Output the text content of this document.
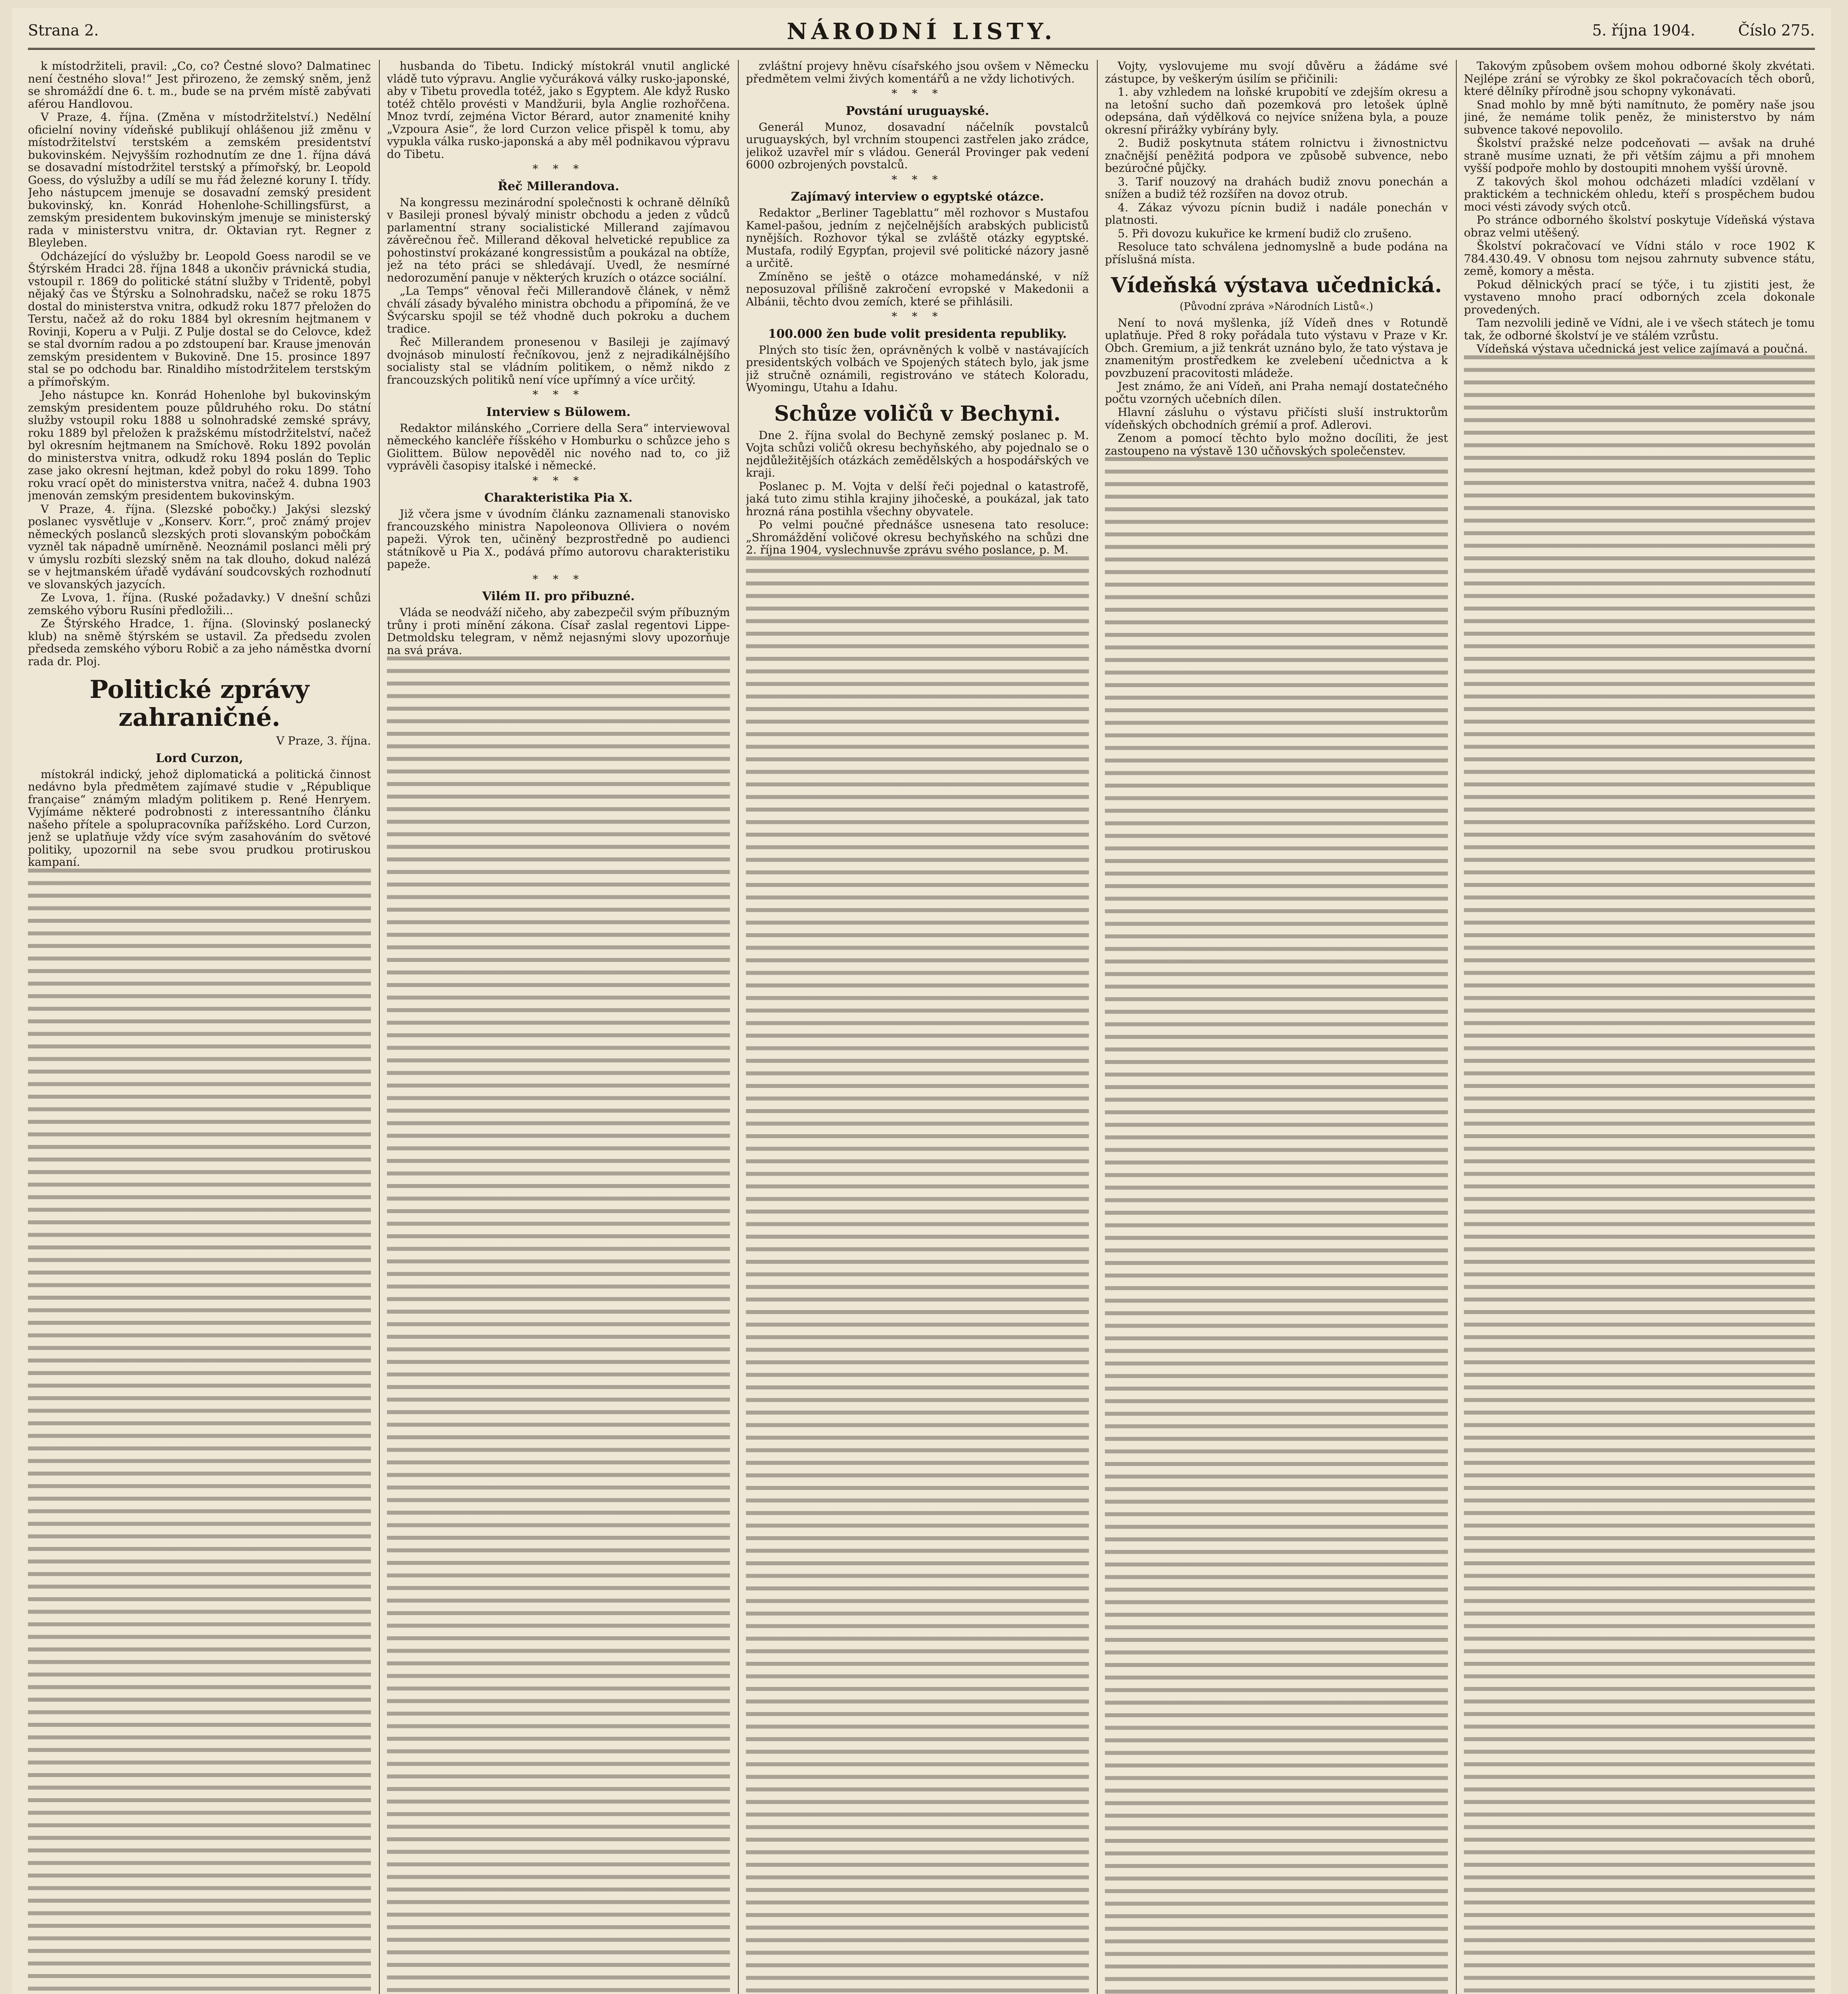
Strana 2.	NÁRODNÍ LISTY.	5. října 1904.	Číslo 275.

k místodržiteli, pravil: „Co, co? Čestné slovo? Dalmatinec není čestného slova!“ Jest přirozeno, že zemský sněm, jenž se shromáždí dne 6. t. m., bude se na prvém místě zabývati aférou Handlovou.

V Praze, 4. října. (Změna v místodržitelství.) Nedělní oficielní noviny vídeňské publikují ohlášenou již změnu v místodržitelství terstském a zemském presidentství bukovinském. Nejvyšším rozhodnutím ze dne 1. října dává se dosavadní místodržitel terstský a přímořský, br. Leopold Goess, do výslužby a udílí se mu řád železné koruny I. třídy. Jeho nástupcem jmenuje se dosavadní zemský president bukovinský, kn. Konrád Hohenlohe-Schillingsfürst, a zemským presidentem bukovinským jmenuje se ministerský rada v ministerstvu vnitra, dr. Oktavian ryt. Regner z Bleyleben.

Odcházející do výslužby br. Leopold Goess narodil se ve Štýrském Hradci 28. října 1848 a ukončiv právnická studia, vstoupil r. 1869 do politické státní služby v Tridentě, pobyl nějaký čas ve Štýrsku a Solnohradsku, načež se roku 1875 dostal do ministerstva vnitra, odkudž roku 1877 přeložen do Terstu, načež až do roku 1884 byl okresním hejtmanem v Rovinji, Koperu a v Pulji. Z Pulje dostal se do Celovce, kdež se stal dvorním radou a po zdstoupení bar. Krause jmenován zemským presidentem v Bukovině. Dne 15. prosince 1897 stal se po odchodu bar. Rinaldiho místodržitelem terstským a přímořským.

Jeho nástupce kn. Konrád Hohenlohe byl bukovinským zemským presidentem pouze půldruhého roku. Do státní služby vstoupil roku 1888 u solnohradské zemské správy, roku 1889 byl přeložen k pražskému místodržitelství, načež byl okresním hejtmanem na Smíchově. Roku 1892 povolán do ministerstva vnitra, odkudž roku 1894 poslán do Teplic zase jako okresní hejtman, kdež pobyl do roku 1899. Toho roku vrací opět do ministerstva vnitra, načež 4. dubna 1903 jmenován zemským presidentem bukovinským.

V Praze, 4. října. (Slezské pobočky.) Jakýsi slezský poslanec vysvětluje v „Konserv. Korr.“, proč známý projev německých poslanců slezských proti slovanským pobočkám vyzněl tak nápadně umírněně. Neoznámil poslanci měli prý v úmyslu rozbíti slezský sněm na tak dlouho, dokud nalézá se v hejtmanském úřadě vydávání soudcovských rozhodnutí ve slovanských jazycích.

Ze Lvova, 1. října. (Ruské požadavky.) V dnešní schůzi zemského výboru Rusíni předložili...

Ze Štýrského Hradce, 1. října. (Slovinský poslanecký klub) na sněmě štýrském se ustavil. Za předsedu zvolen předseda zemského výboru Robič a za jeho náměstka dvorní rada dr. Ploj.

Politické zprávy zahraničné.
V Praze, 3. října.
Lord Curzon,

místokrál indický, jehož diplomatická a politická činnost nedávno byla předmětem zajímavé studie v „République française“ známým mladým politikem p. René Henryem. Vyjímáme některé podrobnosti z interessantního článku našeho přítele a spolupracovníka pařížského. Lord Curzon, jenž se uplatňuje vždy více svým zasahováním do světové politiky, upozornil na sebe svou prudkou protiruskou kampaní.

husbanda do Tibetu. Indický místokrál vnutil anglické vládě tuto výpravu. Anglie vyčuráková války rusko-japonské, aby v Tibetu provedla totéž, jako s Egyptem. Ale když Rusko totéž chtělo provésti v Mandžurii, byla Anglie rozhořčena. Mnoz tvrdí, zejména Victor Bérard, autor znamenité knihy „Vzpoura Asie“, že lord Curzon velice přispěl k tomu, aby vypukla válka rusko-japonská a aby měl podnikavou výpravu do Tibetu.

* * *
Řeč Millerandova.

Na kongressu mezinárodní společnosti k ochraně dělníků v Basileji pronesl bývalý ministr obchodu a jeden z vůdců parlamentní strany socialistické Millerand zajímavou závěrečnou řeč. Millerand děkoval helvetické republice za pohostinství prokázané kongressistům a poukázal na obtíže, jež na této práci se shledávají. Uvedl, že nesmírné nedorozumění panuje v některých kruzích o otázce sociální.

„La Temps“ věnoval řeči Millerandově článek, v němž chválí zásady bývalého ministra obchodu a připomíná, že ve Švýcarsku spojil se též vhodně duch pokroku a duchem tradice.

Řeč Millerandem pronesenou v Basileji je zajímavý dvojnásob minulostí řečníkovou, jenž z nejradikálnějšího socialisty stal se vládním politikem, o němž nikdo z francouzských politiků není více upřímný a více určitý.

* * *
Interview s Bülowem.

Redaktor milánského „Corriere della Sera“ interviewoval německého kancléře říšského v Homburku o schůzce jeho s Giolittem. Bülow nepověděl nic nového nad to, co již vyprávěli časopisy italské i německé.

* * *
Charakteristika Pia X.

Již včera jsme v úvodním článku zaznamenali stanovisko francouzského ministra Napoleonova Olliviera o novém papeži. Výrok ten, učiněný bezprostředně po audienci státníkově u Pia X., podává přímo autorovu charakteristiku papeže.

* * *
Vilém II. pro přibuzné.

Vláda se neodváží ničeho, aby zabezpečil svým příbuzným trůny i proti mínění zákona. Císař zaslal regentovi Lippe-Detmoldsku telegram, v němž nejasnými slovy upozorňuje na svá práva.

zvláštní projevy hněvu císařského jsou ovšem v Německu předmětem velmi živých komentářů a ne vždy lichotivých.

* * *
Povstání uruguayské.

Generál Munoz, dosavadní náčelník povstalců uruguayských, byl vrchním stoupenci zastřelen jako zrádce, jelikož uzavřel mír s vládou. Generál Provinger pak vedení 6000 ozbrojených povstalců.

* * *
Zajímavý interview o egyptské otázce.

Redaktor „Berliner Tageblattu“ měl rozhovor s Mustafou Kamel-pašou, jedním z nejčelnějších arabských publicistů nynějších. Rozhovor týkal se zvláště otázky egyptské. Mustafa, rodilý Egypťan, projevil své politické názory jasně a určitě.

Zmíněno se ještě o otázce mohamedánské, v níž neposuzoval přílišně zakročení evropské v Makedonii a Albánii, těchto dvou zemích, které se přihlásili.

* * *
100.000 žen bude volit presidenta republiky.

Plných sto tisíc žen, oprávněných k volbě v nastávajících presidentských volbách ve Spojených státech bylo, jak jsme již stručně oznámili, registrováno ve státech Koloradu, Wyomingu, Utahu a Idahu.

Schůze voličů v Bechyni.

Dne 2. října svolal do Bechyně zemský poslanec p. M. Vojta schůzi voličů okresu bechyňského, aby pojednalo se o nejdůležitějších otázkách zemědělských a hospodářských ve kraji.

Poslanec p. M. Vojta v delší řeči pojednal o katastrofě, jaká tuto zimu stihla krajiny jihočeské, a poukázal, jak tato hrozná rána postihla všechny obyvatele.

Po velmi poučné přednášce usnesena tato resoluce: „Shromáždění voličové okresu bechyňského na schůzi dne 2. října 1904, vyslechnuvše zprávu svého poslance, p. M.

Vojty, vyslovujeme mu svojí důvěru a žádáme své zástupce, by veškerým úsilím se přičinili:

1. aby vzhledem na loňské krupobití ve zdejším okresu a na letošní sucho daň pozemková pro letošek úplně odepsána, daň výdělková co nejvíce snížena byla, a pouze okresní přirážky vybírány byly.

2. Budiž poskytnuta státem rolnictvu i živnostnictvu značnější peněžitá podpora ve způsobě subvence, nebo bezúročné půjčky.

3. Tarif nouzový na drahách budiž znovu ponechán a snížen a budiž též rozšířen na dovoz otrub.

4. Zákaz vývozu pícnin budiž i nadále ponechán v platnosti.

5. Při dovozu kukuřice ke krmení budiž clo zrušeno.

Resoluce tato schválena jednomyslně a bude podána na příslušná místa.

Vídeňská výstava učednická.
(Původní zpráva »Národních Listů«.)

Není to nová myšlenka, jíž Vídeň dnes v Rotundě uplatňuje. Před 8 roky pořádala tuto výstavu v Praze v Kr. Obch. Gremium, a již tenkrát uznáno bylo, že tato výstava je znamenitým prostředkem ke zvelebení učednictva a k povzbuzení pracovitosti mládeže.

Jest známo, že ani Vídeň, ani Praha nemají dostatečného počtu vzorných učebních dílen.

Hlavní zásluhu o výstavu přičísti sluší instruktorům vídeňských obchodních grémií a prof. Adlerovi.

Zenom a pomocí těchto bylo možno docíliti, že jest zastoupeno na výstavě 130 učňovských společenstev.

Takovým způsobem ovšem mohou odborné školy zkvétati. Nejlépe zrání se výrobky ze škol pokračovacích těch oborů, které dělníky přírodně jsou schopny vykonávati.

Snad mohlo by mně býti namítnuto, že poměry naše jsou jiné, že nemáme tolik peněz, že ministerstvo by nám subvence takové nepovolilo.

Školství pražské nelze podceňovati — avšak na druhé straně musíme uznati, že při větším zájmu a při mnohem vyšší podpoře mohlo by dostoupiti mnohem vyšší úrovně.

Z takových škol mohou odcházeti mladíci vzdělaní v praktickém a technickém ohledu, kteří s prospěchem budou moci vésti závody svých otců.

Po stránce odborného školství poskytuje Vídeňská výstava obraz velmi utěšený.

Školství pokračovací ve Vídni stálo v roce 1902 K 784.430.49. V obnosu tom nejsou zahrnuty subvence státu, země, komory a města.

Pokud dělnických prací se týče, i tu zjistiti jest, že vystaveno mnoho prací odborných zcela dokonale provedených.

Tam nezvolili jedině ve Vídni, ale i ve všech státech je tomu tak, že odborné školství je ve stálém vzrůstu.

Vídeňská výstava učednická jest velice zajímavá a poučná.
